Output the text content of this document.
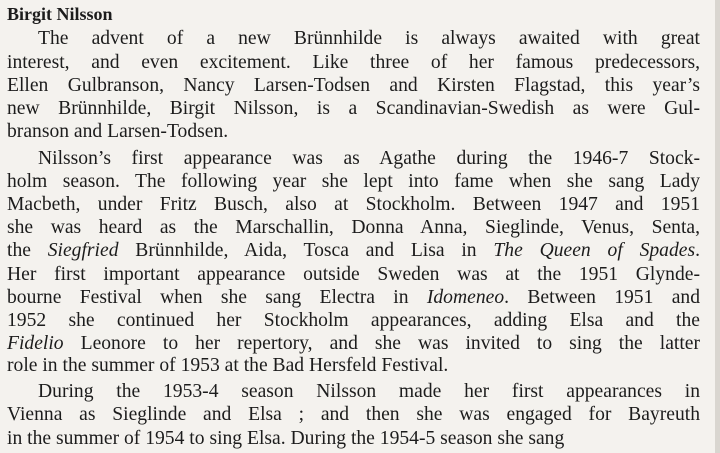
Birgit Nilsson
The advent of a new Brünnhilde is always awaited with great
interest, and even excitement. Like three of her famous predecessors,
Ellen Gulbranson, Nancy Larsen-Todsen and Kirsten Flagstad, this year’s
new Brünnhilde, Birgit Nilsson, is a Scandinavian-Swedish as were Gul-
branson and Larsen-Todsen.
Nilsson’s first appearance was as Agathe during the 1946-7 Stock-
holm season. The following year she lept into fame when she sang Lady
Macbeth, under Fritz Busch, also at Stockholm. Between 1947 and 1951
she was heard as the Marschallin, Donna Anna, Sieglinde, Venus, Senta,
the Siegfried Brünnhilde, Aida, Tosca and Lisa in The Queen of Spades.
Her first important appearance outside Sweden was at the 1951 Glynde-
bourne Festival when she sang Electra in Idomeneo. Between 1951 and
1952 she continued her Stockholm appearances, adding Elsa and the
Fidelio Leonore to her repertory, and she was invited to sing the latter
role in the summer of 1953 at the Bad Hersfeld Festival.
During the 1953-4 season Nilsson made her first appearances in
Vienna as Sieglinde and Elsa ; and then she was engaged for Bayreuth
in the summer of 1954 to sing Elsa. During the 1954-5 season she sang
